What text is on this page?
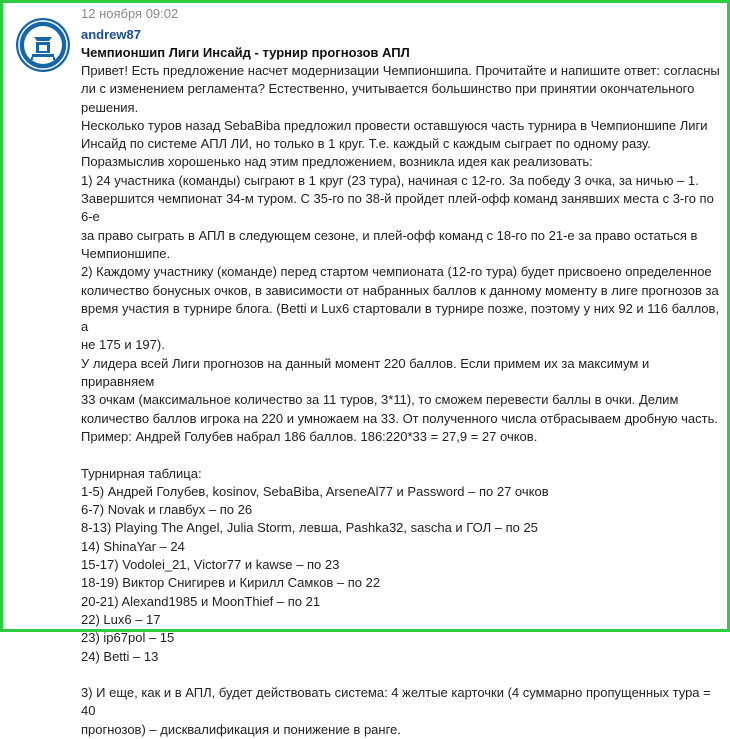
12 ноября 09:02
andrew87
Чемпионшип Лиги Инсайд - турнир прогнозов АПЛ

Привет! Есть предложение насчет модернизации Чемпионшипа. Прочитайте и напишите ответ: согласны

ли с изменением регламента? Естественно, учитывается большинство при принятии окончательного

решения.

Несколько туров назад SebaBiba предложил провести оставшуюся часть турнира в Чемпионшипе Лиги

Инсайд по системе АПЛ ЛИ, но только в 1 круг. Т.е. каждый с каждым сыграет по одному разу.

Поразмыслив хорошенько над этим предложением, возникла идея как реализовать:

1) 24 участника (команды) сыграют в 1 круг (23 тура), начиная с 12-го. За победу 3 очка, за ничью – 1.

Завершится чемпионат 34-м туром. С 35-го по 38-й пройдет плей-офф команд занявших места с 3-го по 6-е

за право сыграть в АПЛ в следующем сезоне, и плей-офф команд с 18-го по 21-е за право остаться в

Чемпионшипе.

2) Каждому участнику (команде) перед стартом чемпионата (12-го тура) будет присвоено определенное

количество бонусных очков, в зависимости от набранных баллов к данному моменту в лиге прогнозов за

время участия в турнире блога. (Betti и Lux6 стартовали в турнире позже, поэтому у них 92 и 116 баллов, а

не 175 и 197).

У лидера всей Лиги прогнозов на данный момент 220 баллов. Если примем их за максимум и приравняем

33 очкам (максимальное количество за 11 туров, 3*11), то сможем перевести баллы в очки. Делим

количество баллов игрока на 220 и умножаем на 33. От полученного числа отбрасываем дробную часть.

Пример: Андрей Голубев набрал 186 баллов. 186:220*33 = 27,9 = 27 очков.

Турнирная таблица:

1-5) Андрей Голубев, kosinov, SebaBiba, ArseneAl77 и Password – по 27 очков

6-7) Novak и главбух – по 26

8-13) Playing The Angel, Julia Storm, левша, Pashka32, sascha и ГОЛ – по 25

14) ShinaYar – 24

15-17) Vodolei_21, Victor77 и kawse – по 23

18-19) Виктор Снигирев и Кирилл Самков – по 22

20-21) Alexand1985 и MoonThief – по 21

22) Lux6 – 17

23) ip67pol – 15

24) Betti – 13

3) И еще, как и в АПЛ, будет действовать система: 4 желтые карточки (4 суммарно пропущенных тура = 40

прогнозов) – дисквалификация и понижение в ранге.
